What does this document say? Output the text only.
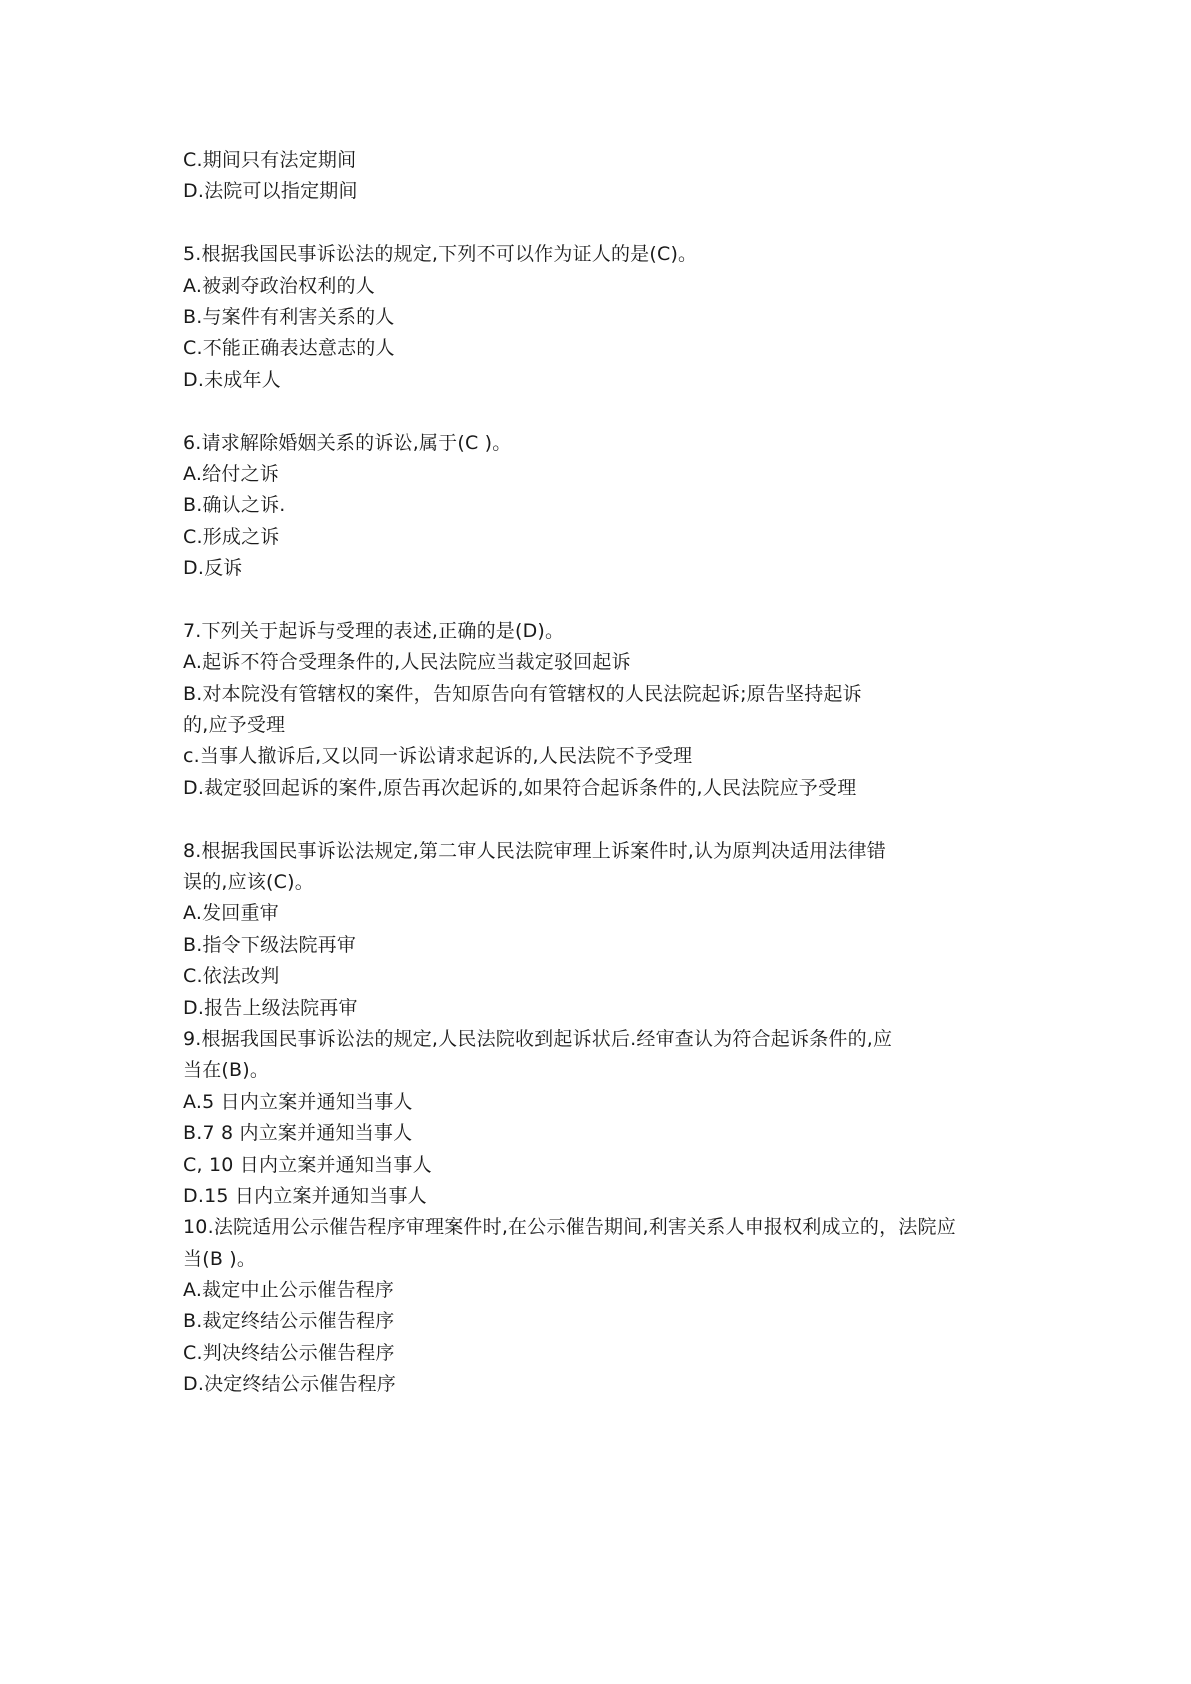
C.期间只有法定期间
D.法院可以指定期间
5.根据我国民事诉讼法的规定,下列不可以作为证人的是(C)。
A.被剥夺政治权利的人
B.与案件有利害关系的人
C.不能正确表达意志的人
D.未成年人
6.请求解除婚姻关系的诉讼,属于(C )。
A.给付之诉
B.确认之诉.
C.形成之诉
D.反诉
7.下列关于起诉与受理的表述,正确的是(D)。
A.起诉不符合受理条件的,人民法院应当裁定驳回起诉
B.对本院没有管辖权的案件，告知原告向有管辖权的人民法院起诉;原告坚持起诉
的,应予受理
c.当事人撤诉后,又以同一诉讼请求起诉的,人民法院不予受理
D.裁定驳回起诉的案件,原告再次起诉的,如果符合起诉条件的,人民法院应予受理
8.根据我国民事诉讼法规定,第二审人民法院审理上诉案件时,认为原判决适用法律错
误的,应该(C)。
A.发回重审
B.指令下级法院再审
C.依法改判
D.报告上级法院再审
9.根据我国民事诉讼法的规定,人民法院收到起诉状后.经审查认为符合起诉条件的,应
当在(B)。
A.5 日内立案并通知当事人
B.7 8 内立案并通知当事人
C, 10 日内立案并通知当事人
D.15 日内立案并通知当事人
10.法院适用公示催告程序审理案件时,在公示催告期间,利害关系人申报权利成立的，法院应
当(B )。
A.裁定中止公示催告程序
B.裁定终结公示催告程序
C.判决终结公示催告程序
D.决定终结公示催告程序
